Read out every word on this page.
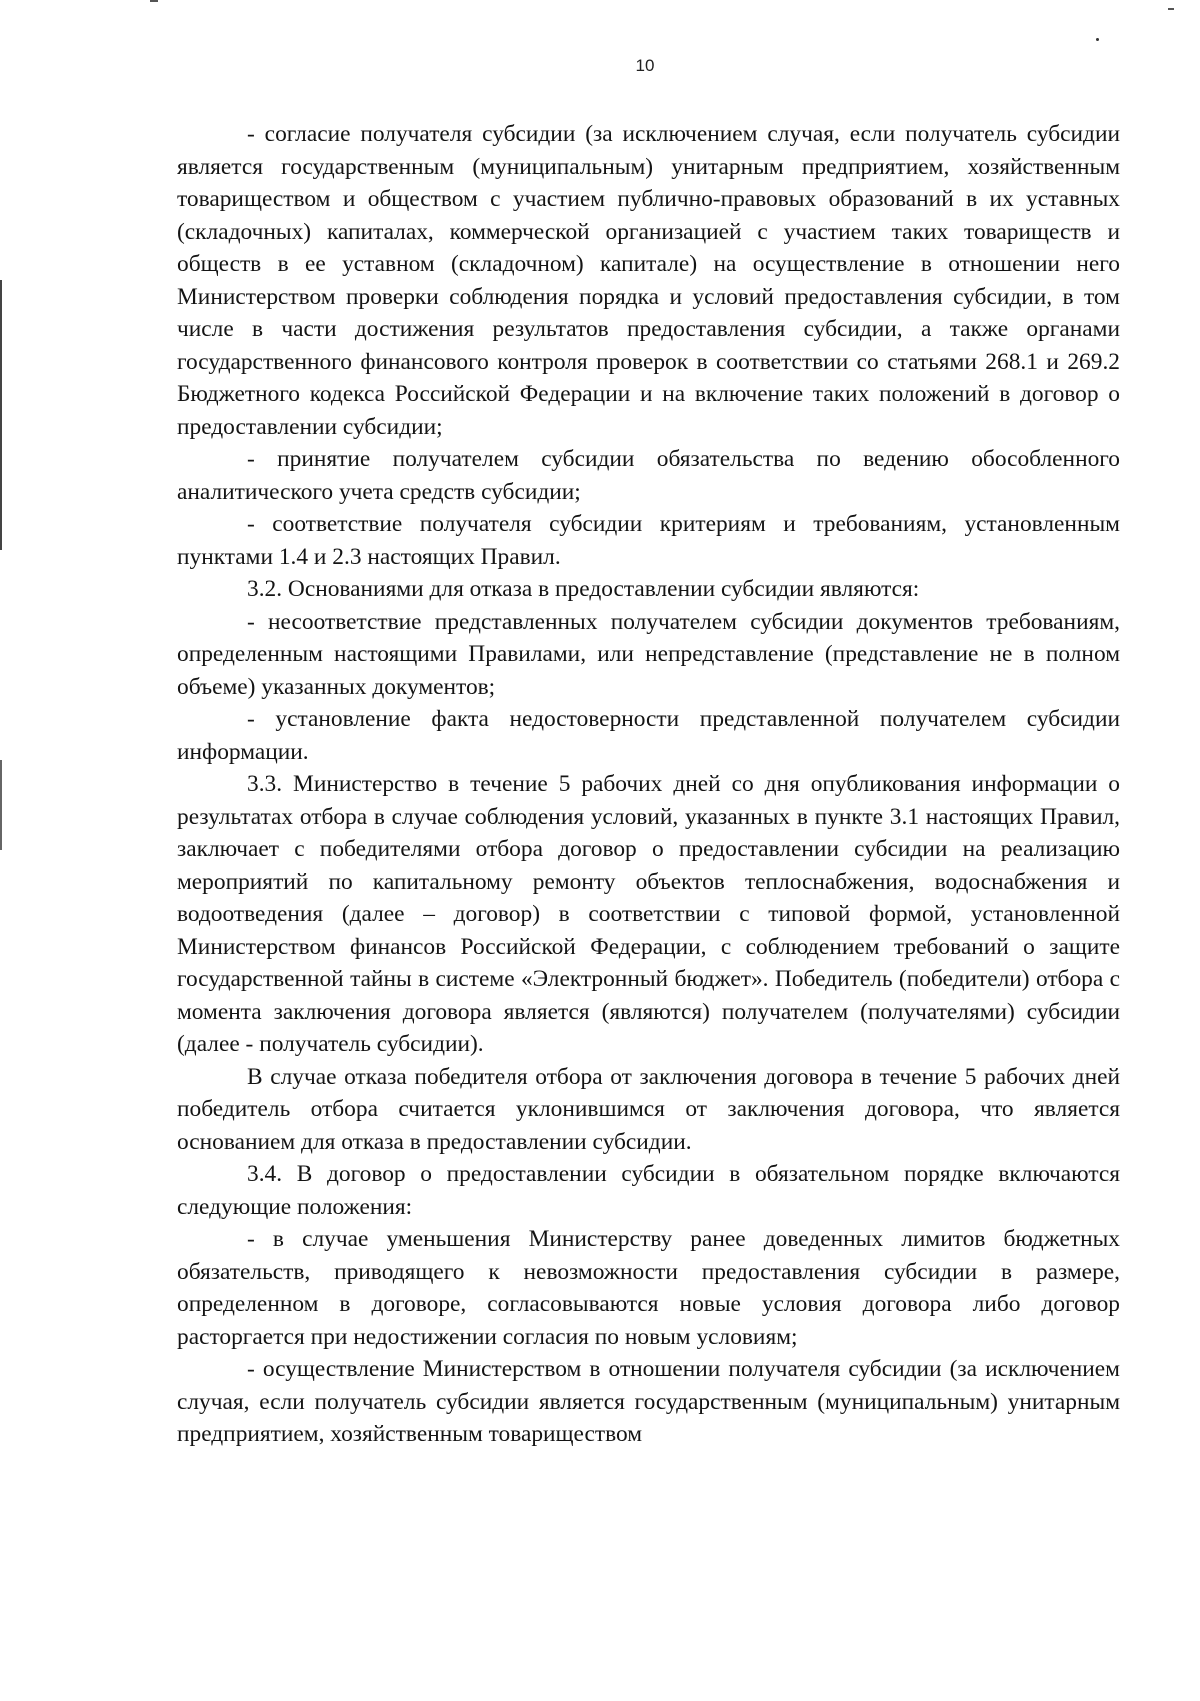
10

- согласие получателя субсидии (за исключением случая, если получатель субсидии является государственным (муниципальным) унитарным предприятием, хозяйственным товариществом и обществом с участием публично-правовых образований в их уставных (складочных) капиталах, коммерческой организацией с участием таких товариществ и обществ в ее уставном (складочном) капитале) на осуществление в отношении него Министерством проверки соблюдения порядка и условий предоставления субсидии, в том числе в части достижения результатов предоставления субсидии, а также органами государственного финансового контроля проверок в соответствии со статьями 268.1 и 269.2 Бюджетного кодекса Российской Федерации и на включение таких положений в договор о предоставлении субсидии;

- принятие получателем субсидии обязательства по ведению обособленного аналитического учета средств субсидии;

- соответствие получателя субсидии критериям и требованиям, установленным пунктами 1.4 и 2.3 настоящих Правил.

3.2. Основаниями для отказа в предоставлении субсидии являются:

- несоответствие представленных получателем субсидии документов требованиям, определенным настоящими Правилами, или непредставление (представление не в полном объеме) указанных документов;

- установление факта недостоверности представленной получателем субсидии информации.

3.3. Министерство в течение 5 рабочих дней со дня опубликования информации о результатах отбора в случае соблюдения условий, указанных в пункте 3.1 настоящих Правил, заключает с победителями отбора договор о предоставлении субсидии на реализацию мероприятий по капитальному ремонту объектов теплоснабжения, водоснабжения и водоотведения (далее – договор) в соответствии с типовой формой, установленной Министерством финансов Российской Федерации, с соблюдением требований о защите государственной тайны в системе «Электронный бюджет». Победитель (победители) отбора с момента заключения договора является (являются) получателем (получателями) субсидии (далее - получатель субсидии).

В случае отказа победителя отбора от заключения договора в течение 5 рабочих дней победитель отбора считается уклонившимся от заключения договора, что является основанием для отказа в предоставлении субсидии.

3.4. В договор о предоставлении субсидии в обязательном порядке включаются следующие положения:

- в случае уменьшения Министерству ранее доведенных лимитов бюджетных обязательств, приводящего к невозможности предоставления субсидии в размере, определенном в договоре, согласовываются новые условия договора либо договор расторгается при недостижении согласия по новым условиям;

- осуществление Министерством в отношении получателя субсидии (за исключением случая, если получатель субсидии является государственным (муниципальным) унитарным предприятием, хозяйственным товариществом
